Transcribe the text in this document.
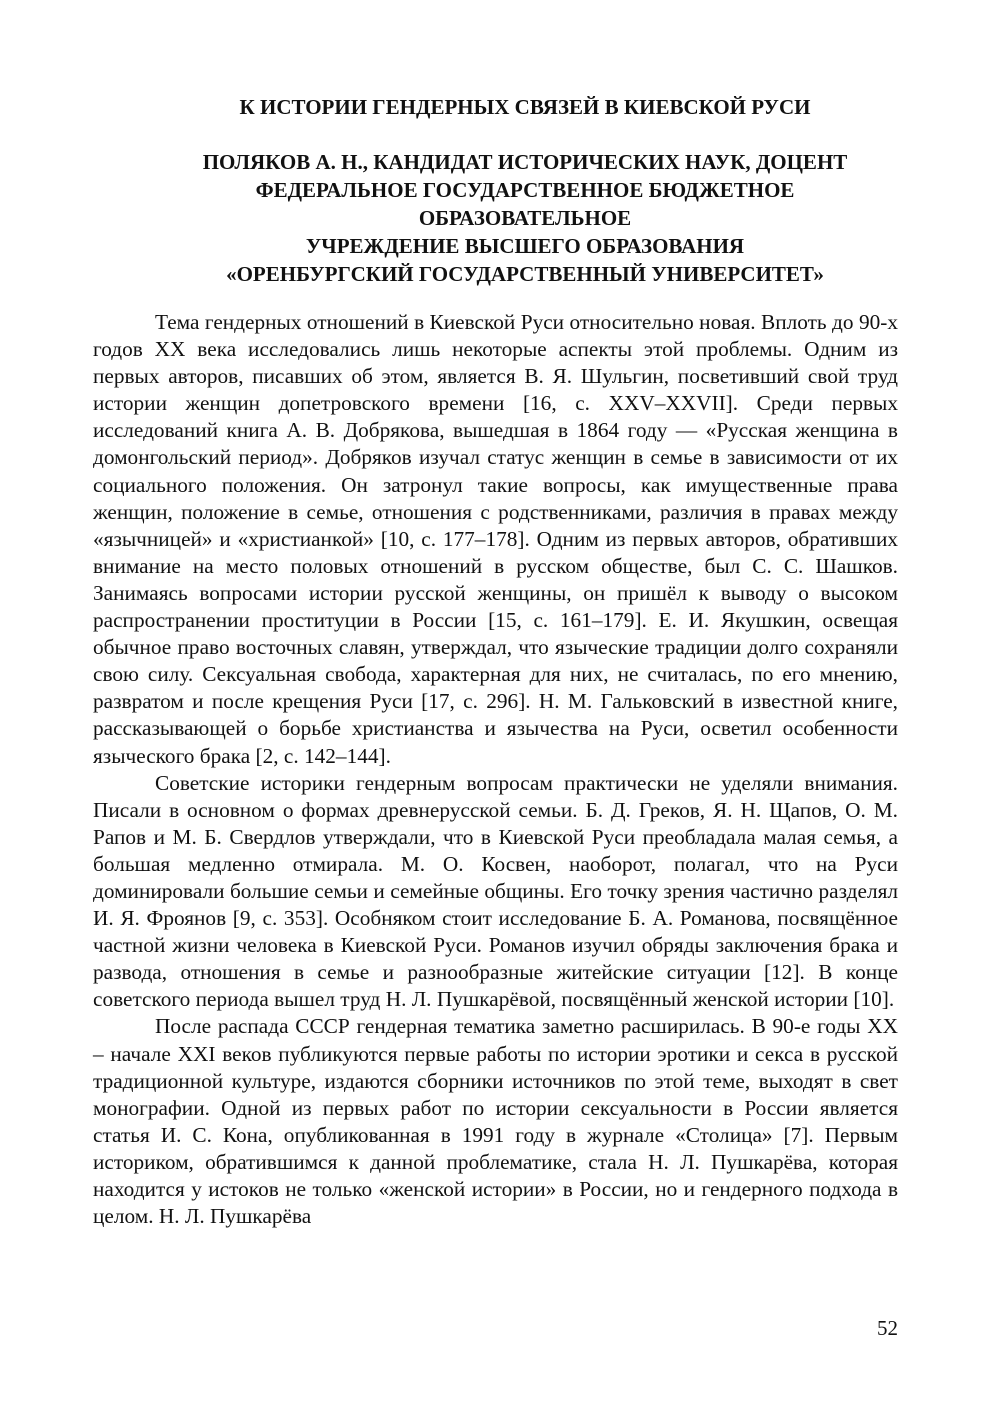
К ИСТОРИИ ГЕНДЕРНЫХ СВЯЗЕЙ В КИЕВСКОЙ РУСИ
ПОЛЯКОВ А. Н., КАНДИДАТ ИСТОРИЧЕСКИХ НАУК, ДОЦЕНТ
ФЕДЕРАЛЬНОЕ ГОСУДАРСТВЕННОЕ БЮДЖЕТНОЕ
ОБРАЗОВАТЕЛЬНОЕ
УЧРЕЖДЕНИЕ ВЫСШЕГО ОБРАЗОВАНИЯ
«ОРЕНБУРГСКИЙ ГОСУДАРСТВЕННЫЙ УНИВЕРСИТЕТ»

Тема гендерных отношений в Киевской Руси относительно новая. Вплоть до 90-х годов XX века исследовались лишь некоторые аспекты этой проблемы. Одним из первых авторов, писавших об этом, является В. Я. Шульгин, посветивший свой труд истории женщин допетровского времени [16, с. XXV–XXVII]. Среди первых исследований книга А. В. Добрякова, вышедшая в 1864 году — «Русская женщина в домонгольский период». Добряков изучал статус женщин в семье в зависимости от их социального положения. Он затронул такие вопросы, как имущественные права женщин, положение в семье, отношения с родственниками, различия в правах между «язычницей» и «христианкой» [10, с. 177–178]. Одним из первых авторов, обративших внимание на место половых отношений в русском обществе, был С. С. Шашков. Занимаясь вопросами истории русской женщины, он пришёл к выводу о высоком распространении проституции в России [15, с. 161–179]. Е. И. Якушкин, освещая обычное право восточных славян, утверждал, что языческие традиции долго сохраняли свою силу. Сексуальная свобода, характерная для них, не считалась, по его мнению, развратом и после крещения Руси [17, с. 296]. Н. М. Гальковский в известной книге, рассказывающей о борьбе христианства и язычества на Руси, осветил особенности языческого брака [2, с. 142–144].

Советские историки гендерным вопросам практически не уделяли внимания. Писали в основном о формах древнерусской семьи. Б. Д. Греков, Я. Н. Щапов, О. М. Рапов и М. Б. Свердлов утверждали, что в Киевской Руси преобладала малая семья, а большая медленно отмирала. М. О. Косвен, наоборот, полагал, что на Руси доминировали большие семьи и семейные общины. Его точку зрения частично разделял И. Я. Фроянов [9, с. 353]. Особняком стоит исследование Б. А. Романова, посвящённое частной жизни человека в Киевской Руси. Романов изучил обряды заключения брака и развода, отношения в семье и разнообразные житейские ситуации [12]. В конце советского периода вышел труд Н. Л. Пушкарёвой, посвящённый женской истории [10].

После распада СССР гендерная тематика заметно расширилась. В 90-е годы XX – начале XXI веков публикуются первые работы по истории эротики и секса в русской традиционной культуре, издаются сборники источников по этой теме, выходят в свет монографии. Одной из первых работ по истории сексуальности в России является статья И. С. Кона, опубликованная в 1991 году в журнале «Столица» [7]. Первым историком, обратившимся к данной проблематике, стала Н. Л. Пушкарёва, которая находится у истоков не только «женской истории» в России, но и гендерного подхода в целом. Н. Л. Пушкарёва

52
